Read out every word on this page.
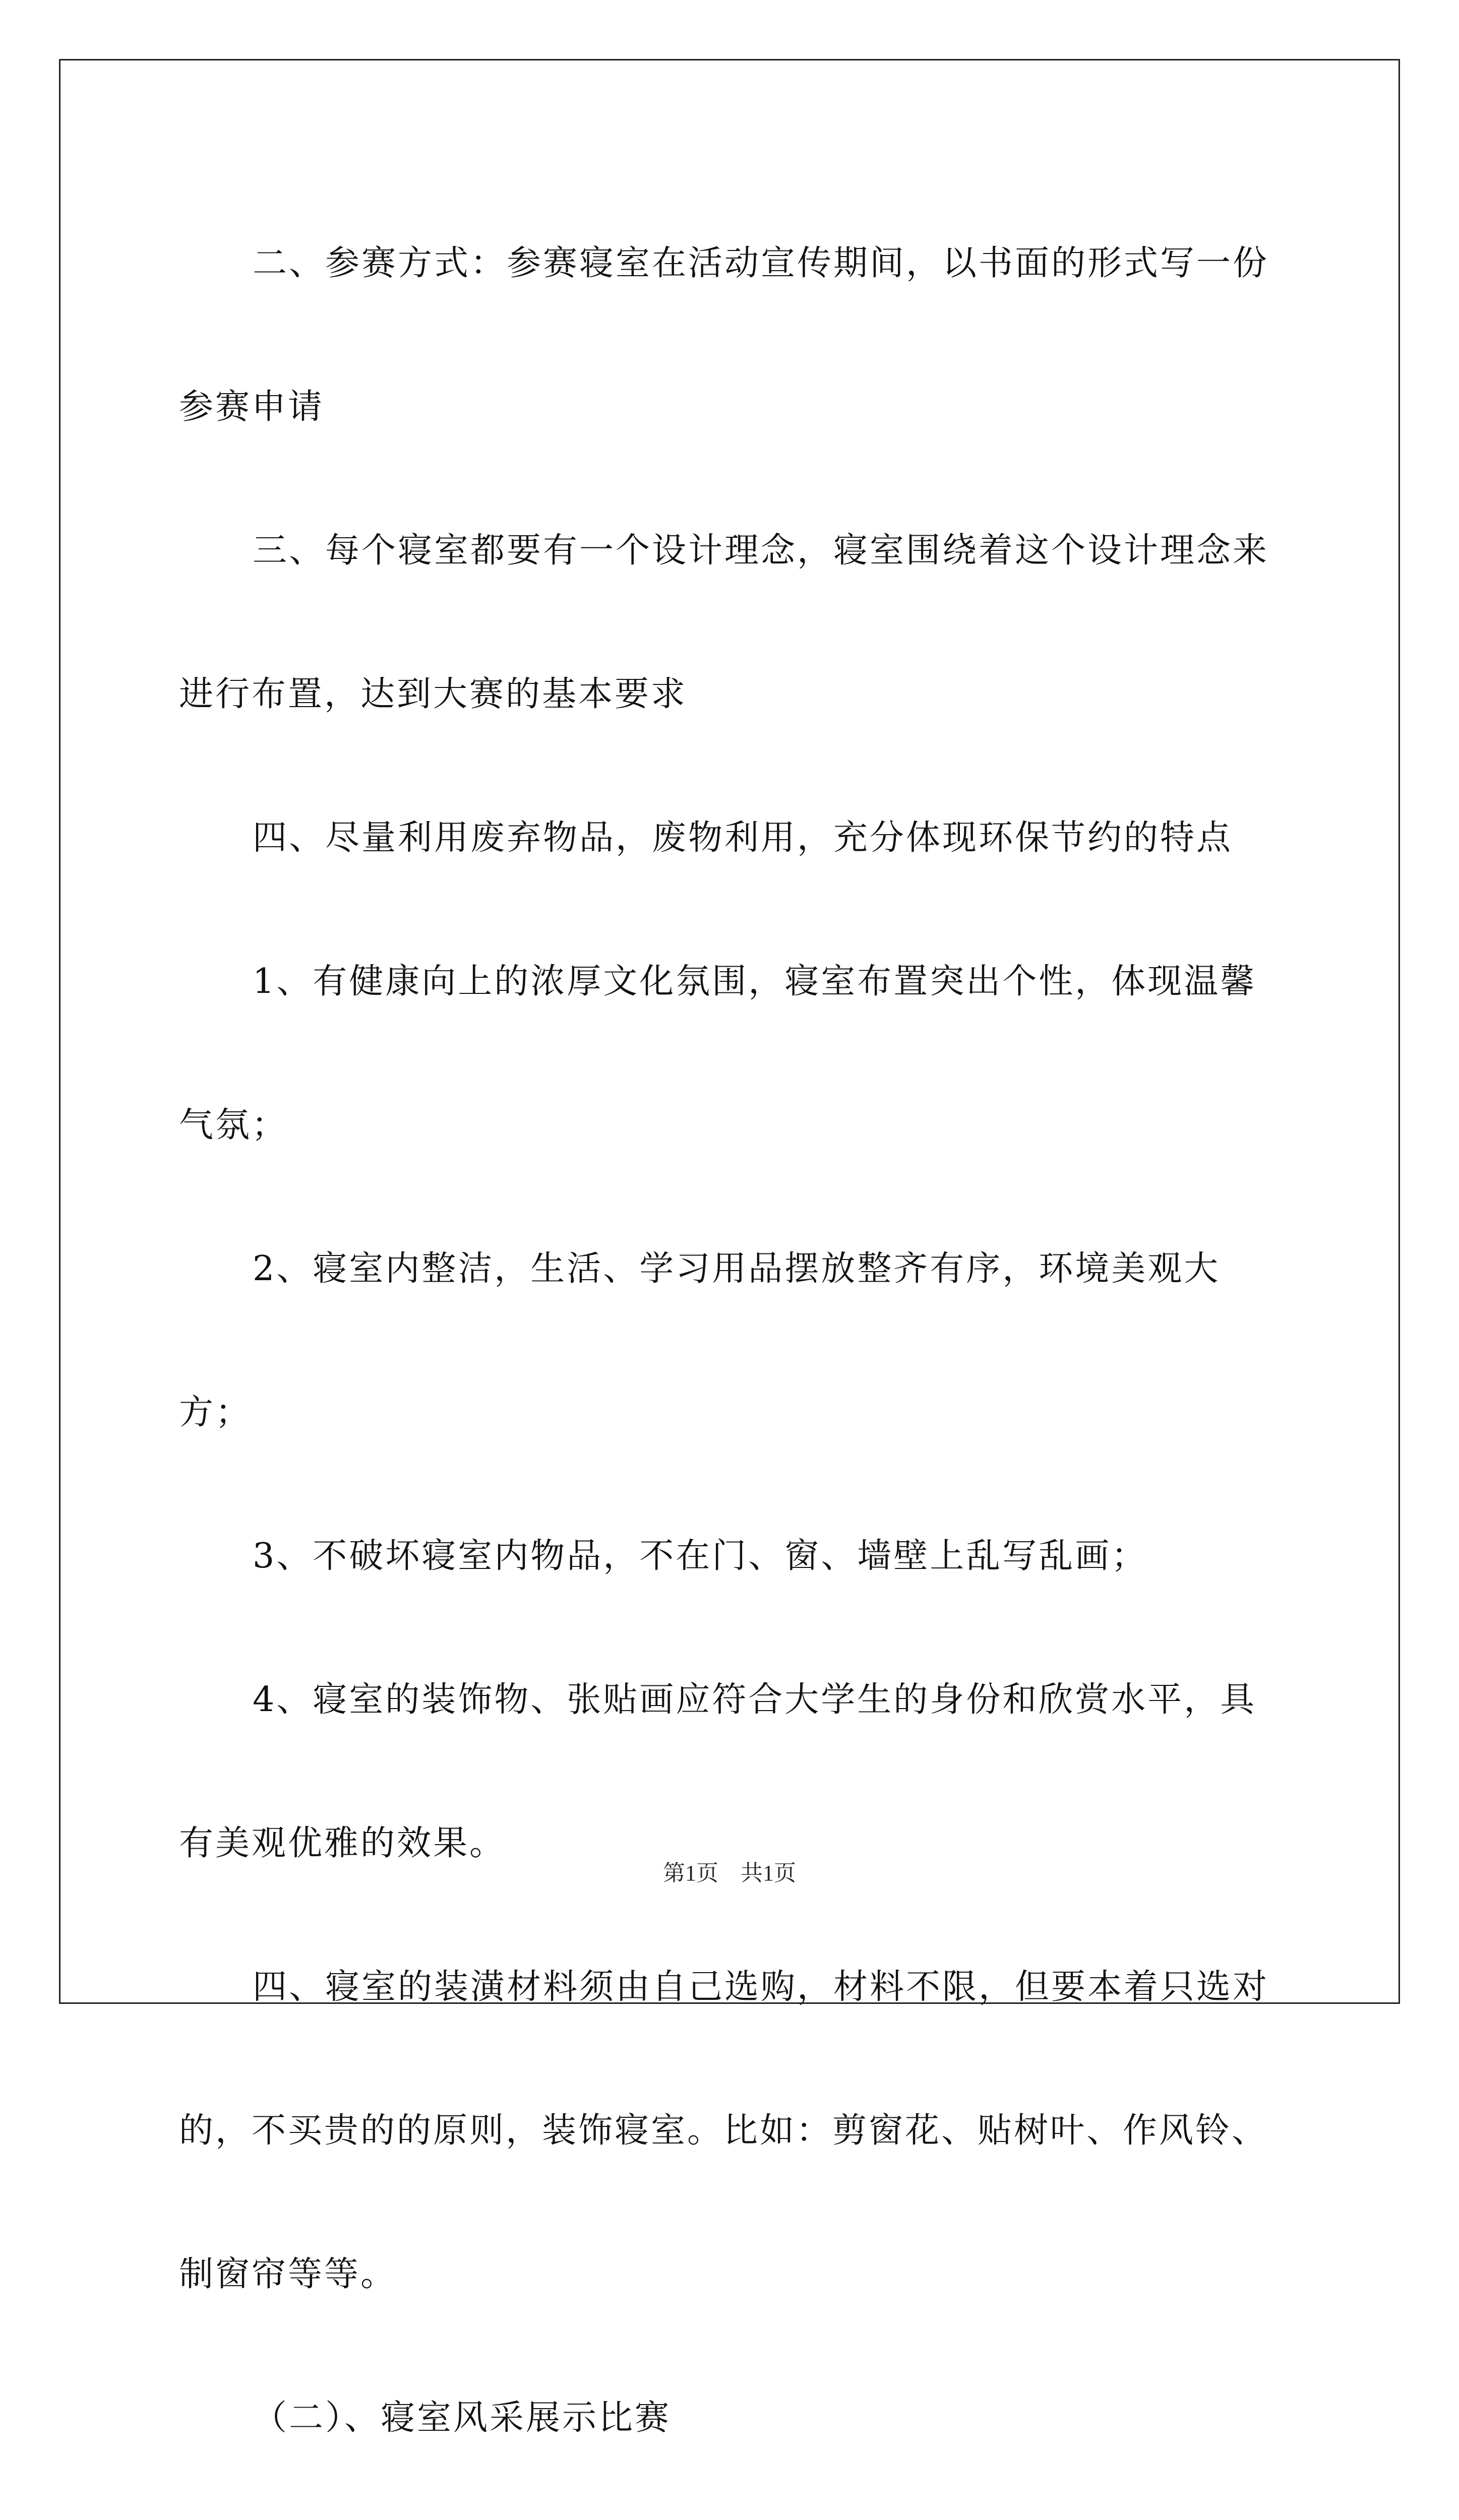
二、参赛方式：参赛寝室在活动宣传期间，以书面的形式写一份参赛申请

三、每个寝室都要有一个设计理念，寝室围绕着这个设计理念来进行布置，达到大赛的基本要求

四、尽量利用废弃物品，废物利用，充分体现环保节约的特点

1、有健康向上的浓厚文化氛围，寝室布置突出个性，体现温馨气氛；

2、寝室内整洁，生活、学习用品摆放整齐有序，环境美观大方；

3、不破坏寝室内物品，不在门、窗、墙壁上乱写乱画；

4、寝室的装饰物、张贴画应符合大学生的身份和欣赏水平，具有美观优雅的效果。

四、寝室的装潢材料须由自己选购，材料不限，但要本着只选对的，不买贵的的原则，装饰寝室。比如：剪窗花、贴树叶、作风铃、制窗帘等等。

（二）、寝室风采展示比赛

第1页　共1页
